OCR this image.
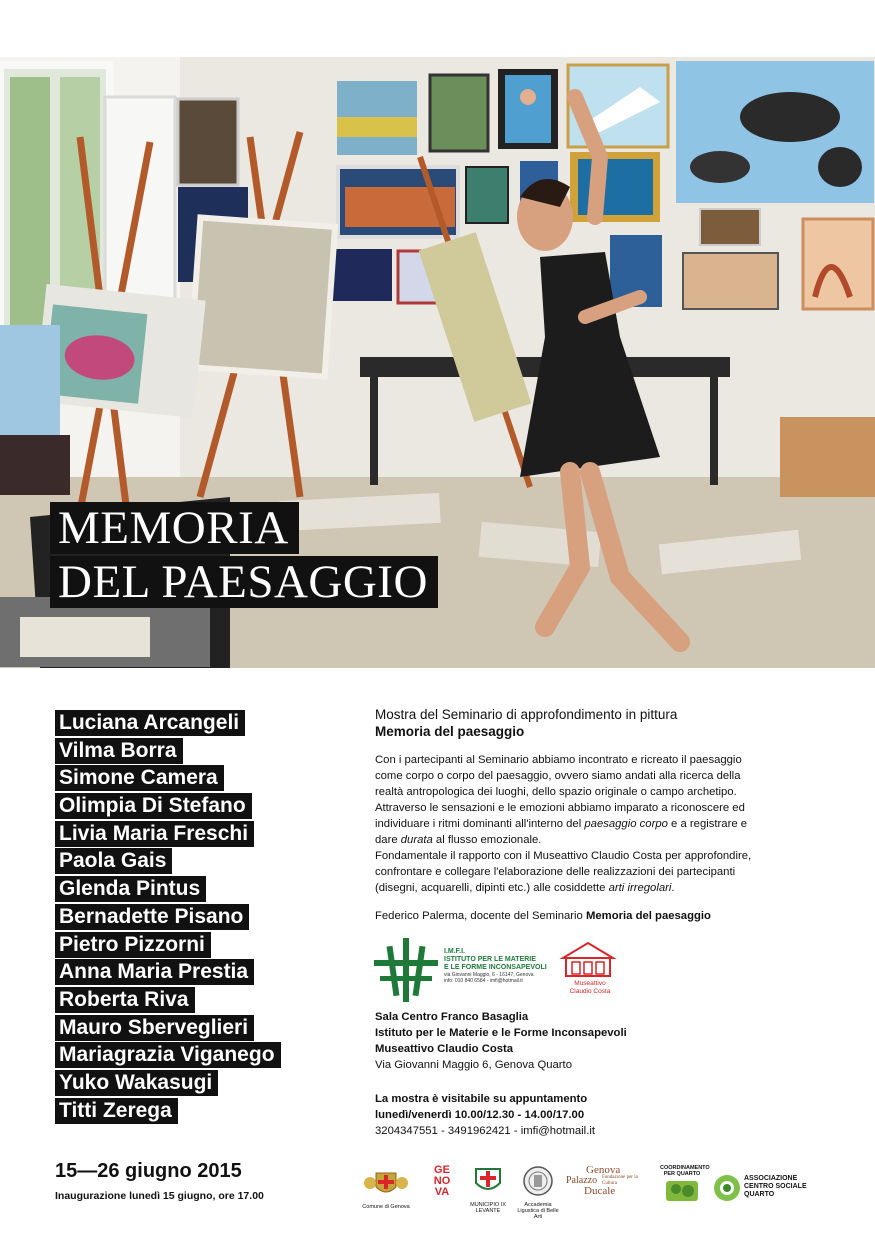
MEMORIA
DEL PAESAGGIO
Luciana Arcangeli
Vilma Borra
Simone Camera
Olimpia Di Stefano
Livia Maria Freschi
Paola Gais
Glenda Pintus
Bernadette Pisano
Pietro Pizzorni
Anna Maria Prestia
Roberta Riva
Mauro Sberveglieri
Mariagrazia Viganego
Yuko Wakasugi
Titti Zerega
15—26 giugno 2015
Inaugurazione lunedì 15 giugno, ore 17.00
Mostra del Seminario di approfondimento in pittura
Memoria del paesaggio
Con i partecipanti al Seminario abbiamo incontrato e ricreato il paesaggio come corpo o corpo del paesaggio, ovvero siamo andati alla ricerca della realtà antropologica dei luoghi, dello spazio originale o campo archetipo. Attraverso le sensazioni e le emozioni abbiamo imparato a riconoscere ed individuare i ritmi dominanti all'interno del paesaggio corpo e a registrare e dare durata al flusso emozionale.
Fondamentale il rapporto con il Museattivo Claudio Costa per approfondire, confrontare e collegare l'elaborazione delle realizzazioni dei partecipanti (disegni, acquarelli, dipinti etc.) alle cosiddette arti irregolari.
Federico Palerma, docente del Seminario Memoria del paesaggio
I.M.F.I.
ISTITUTO PER LE MATERIE
E LE FORME INCONSAPEVOLI
via Giovanni Maggio, 6 - 16147, Genova
info: 010 840 6584 - imfi@hotmail.it	Museattivo
Claudio Costa
Sala Centro Franco Basaglia
Istituto per le Materie e le Forme Inconsapevoli
Museattivo Claudio Costa
Via Giovanni Maggio 6, Genova Quarto
La mostra è visitabile su appuntamento
lunedì/venerdì 10.00/12.30 - 14.00/17.00
3204347551 - 3491962421 - imfi@hotmail.it
Comune di Genova
GE
NO
VA
MUNICIPIO IX LEVANTE
Accademia Ligustica di Belle Arti
Genova
Palazzo
Ducale
Fondazione per la Cultura
COORDINAMENTO
PER QUARTO
ASSOCIAZIONE
CENTRO SOCIALE
QUARTO
